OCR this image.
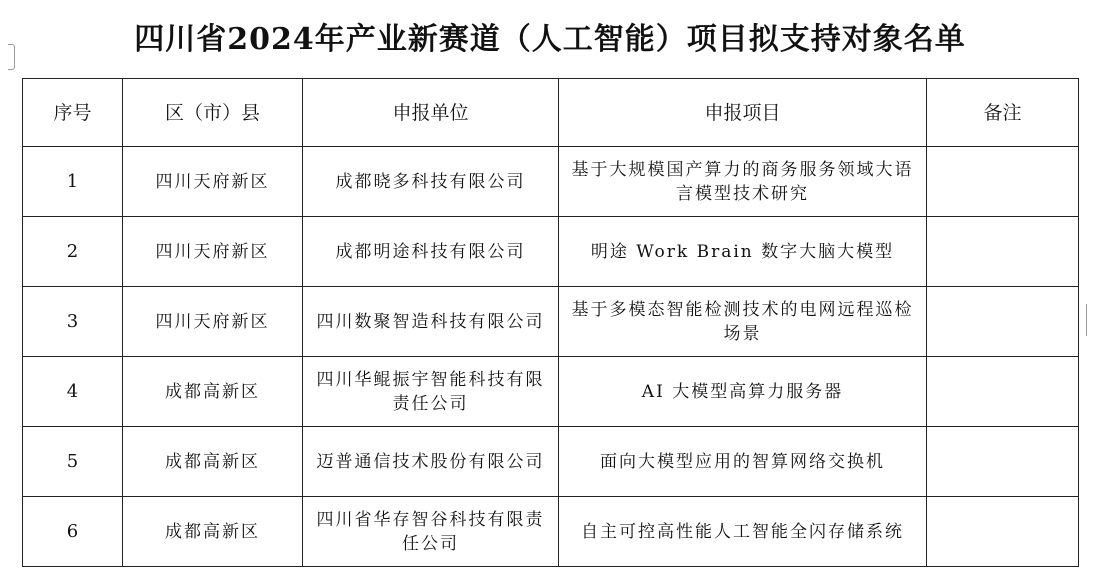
四川省2024年产业新赛道（人工智能）项目拟支持对象名单
序号	区（市）县	申报单位	申报项目	备注
1	四川天府新区	成都晓多科技有限公司	基于大规模国产算力的商务服务领域大语言模型技术研究	
2	四川天府新区	成都明途科技有限公司	明途 Work Brain 数字大脑大模型	
3	四川天府新区	四川数聚智造科技有限公司	基于多模态智能检测技术的电网远程巡检场景	
4	成都高新区	四川华鲲振宇智能科技有限责任公司	AI 大模型高算力服务器	
5	成都高新区	迈普通信技术股份有限公司	面向大模型应用的智算网络交换机	
6	成都高新区	四川省华存智谷科技有限责任公司	自主可控高性能人工智能全闪存储系统	
